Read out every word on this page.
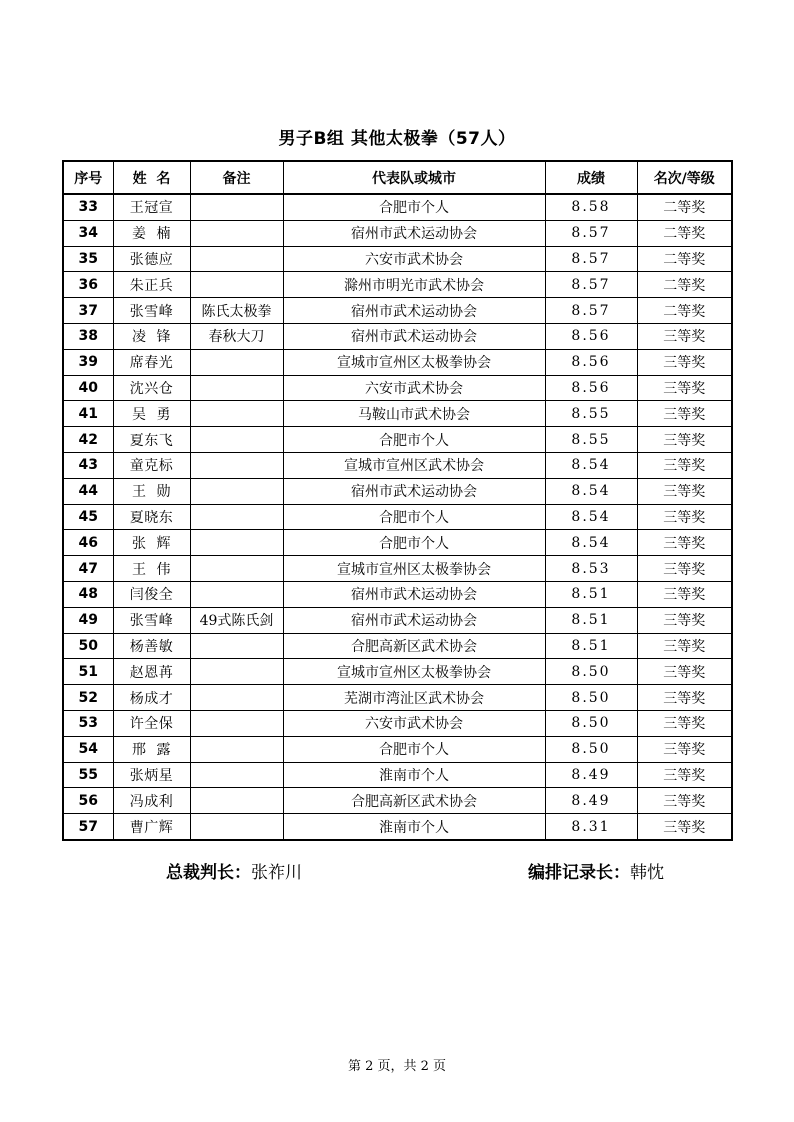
男子B组 其他太极拳（57人）
序号	姓  名	备注	代表队或城市	成绩	名次/等级
33	王冠宣		合肥市个人	8.58	二等奖
34	姜  楠		宿州市武术运动协会	8.57	二等奖
35	张德应		六安市武术协会	8.57	二等奖
36	朱正兵		滁州市明光市武术协会	8.57	二等奖
37	张雪峰	陈氏太极拳	宿州市武术运动协会	8.57	二等奖
38	凌  锋	春秋大刀	宿州市武术运动协会	8.56	三等奖
39	席春光		宣城市宣州区太极拳协会	8.56	三等奖
40	沈兴仓		六安市武术协会	8.56	三等奖
41	吴  勇		马鞍山市武术协会	8.55	三等奖
42	夏东飞		合肥市个人	8.55	三等奖
43	童克标		宣城市宣州区武术协会	8.54	三等奖
44	王  勋		宿州市武术运动协会	8.54	三等奖
45	夏晓东		合肥市个人	8.54	三等奖
46	张  辉		合肥市个人	8.54	三等奖
47	王  伟		宣城市宣州区太极拳协会	8.53	三等奖
48	闫俊全		宿州市武术运动协会	8.51	三等奖
49	张雪峰	49式陈氏剑	宿州市武术运动协会	8.51	三等奖
50	杨善敏		合肥高新区武术协会	8.51	三等奖
51	赵恩苒		宣城市宣州区太极拳协会	8.50	三等奖
52	杨成才		芜湖市湾沚区武术协会	8.50	三等奖
53	许全保		六安市武术协会	8.50	三等奖
54	邢  露		合肥市个人	8.50	三等奖
55	张炳星		淮南市个人	8.49	三等奖
56	冯成利		合肥高新区武术协会	8.49	三等奖
57	曹广辉		淮南市个人	8.31	三等奖
总裁判长：张祚川	编排记录长：韩忱
第 2 页，共 2 页
